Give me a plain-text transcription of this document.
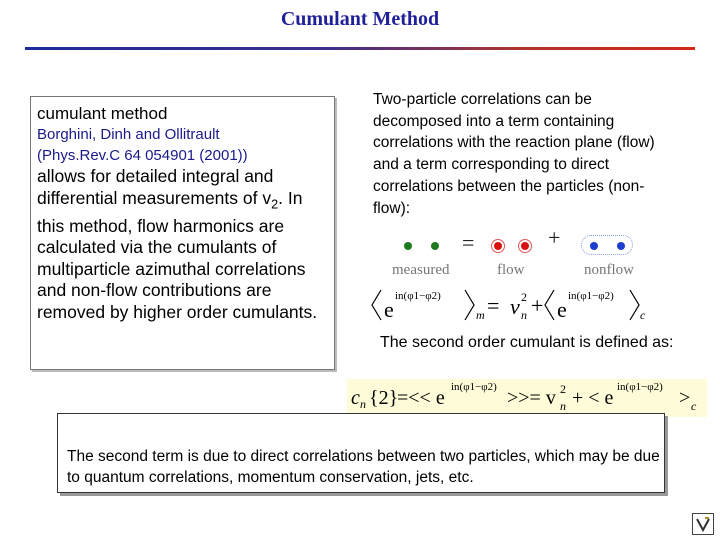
Cumulant Method
cumulant method
Borghini, Dinh and Ollitrault
(Phys.Rev.C 64 054901 (2001))
allows for detailed integral and differential measurements of $v_2$. In this method, flow harmonics are calculated via the cumulants of multiparticle azimuthal correlations and non-flow contributions are removed by higher order cumulants.
Two-particle correlations can be decomposed into a term containing correlations with the reaction plane (flow) and a term corresponding to direct correlations between the particles (non-flow):
=	+
measured	flow	nonflow
e
in(φ1−φ2)
m = v 2
n + e
in(φ1−φ2)
c
The second order cumulant is defined as:
c n {2}
=<< e in(φ1−φ2) >>= v 2
n + < e in(φ1−φ2) > c
The second term is due to direct correlations between two particles, which may be due to quantum correlations, momentum conservation, jets, etc.
